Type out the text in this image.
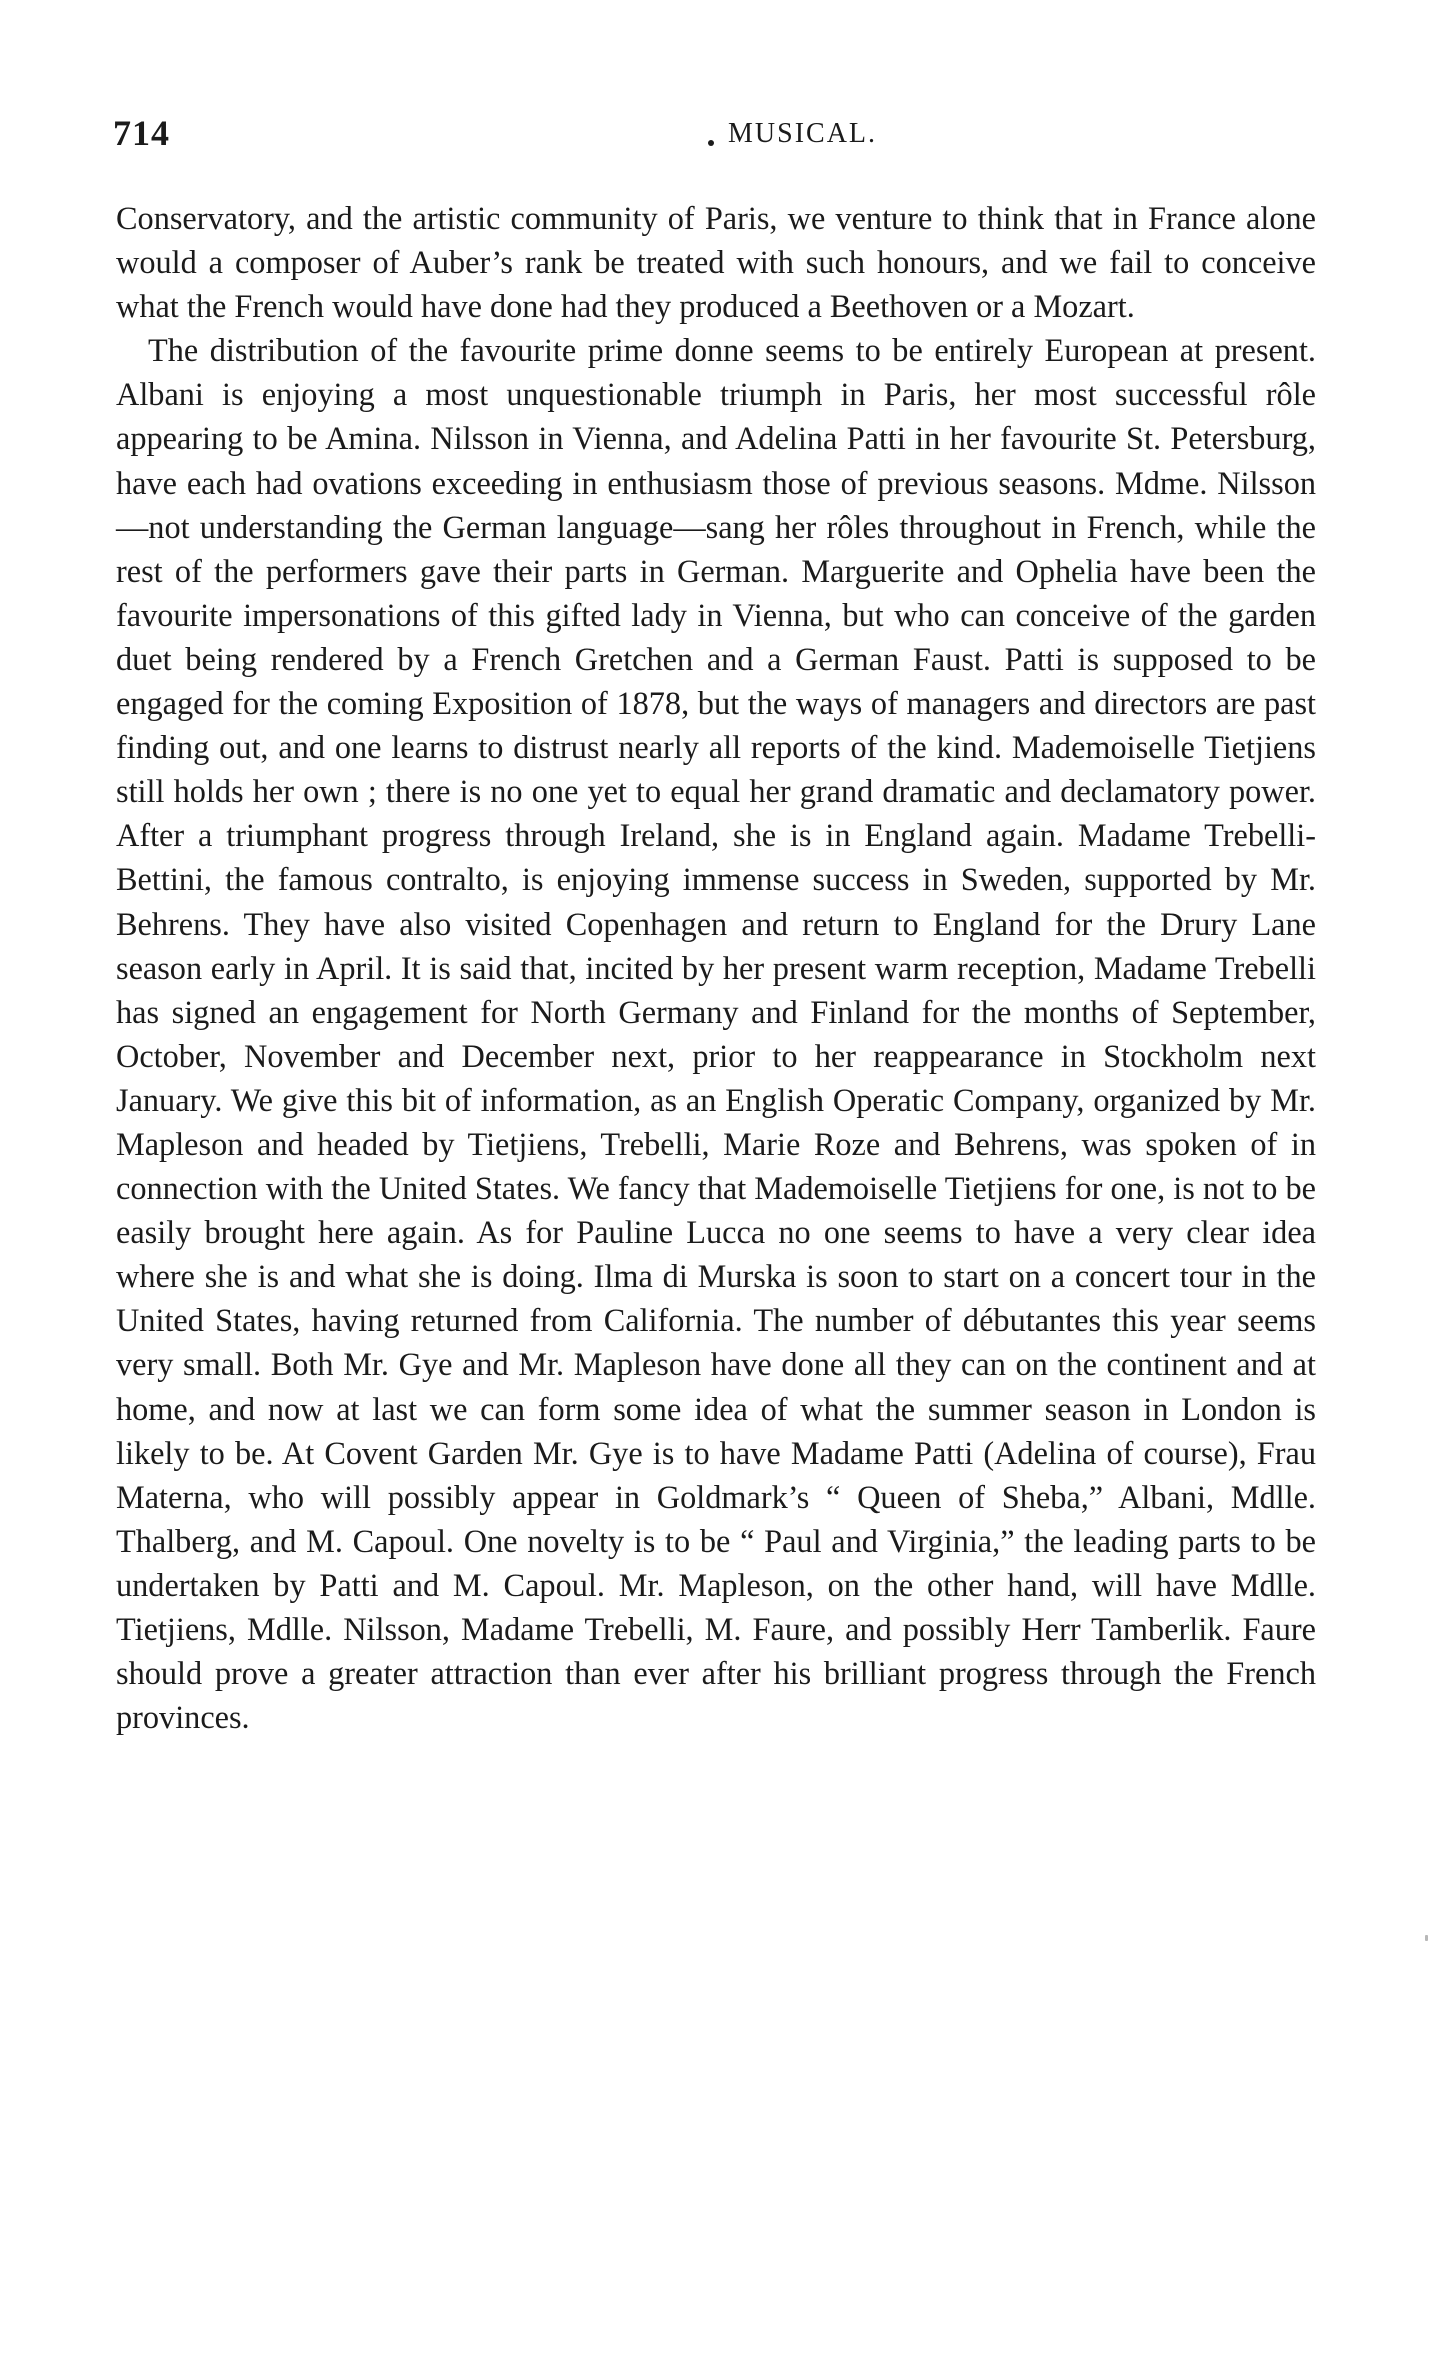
714	MUSICAL.

Conservatory, and the artistic community of Paris, we venture to think that in France alone would a composer of Auber’s rank be treated with such honours, and we fail to conceive what the French would have done had they produced a Beethoven or a Mozart.

The distribution of the favourite prime donne seems to be entirely European at present. Albani is enjoying a most unquestionable triumph in Paris, her most successful rôle appearing to be Amina. Nilsson in Vienna, and Adelina Patti in her favourite St. Petersburg, have each had ovations exceeding in enthusiasm those of previous seasons. Mdme. Nilsson—not understanding the German language—sang her rôles throughout in French, while the rest of the performers gave their parts in German. Marguerite and Ophelia have been the favourite impersonations of this gifted lady in Vienna, but who can conceive of the garden duet being rendered by a French Gretchen and a German Faust. Patti is supposed to be engaged for the coming Exposition of 1878, but the ways of managers and directors are past finding out, and one learns to distrust nearly all reports of the kind. Mademoiselle Tietjiens still holds her own ; there is no one yet to equal her grand dramatic and declamatory power. After a triumphant progress through Ireland, she is in England again. Madame Trebelli-Bettini, the famous contralto, is enjoying immense success in Sweden, supported by Mr. Behrens. They have also visited Copenhagen and return to England for the Drury Lane season early in April. It is said that, incited by her present warm reception, Madame Trebelli has signed an engagement for North Germany and Finland for the months of September, October, November and December next, prior to her reappearance in Stockholm next January. We give this bit of information, as an English Operatic Company, organized by Mr. Mapleson and headed by Tietjiens, Trebelli, Marie Roze and Behrens, was spoken of in connection with the United States. We fancy that Mademoiselle Tietjiens for one, is not to be easily brought here again. As for Pauline Lucca no one seems to have a very clear idea where she is and what she is doing. Ilma di Murska is soon to start on a concert tour in the United States, having returned from California. The number of débutantes this year seems very small. Both Mr. Gye and Mr. Mapleson have done all they can on the continent and at home, and now at last we can form some idea of what the summer season in London is likely to be. At Covent Garden Mr. Gye is to have Madame Patti (Adelina of course), Frau Materna, who will possibly appear in Goldmark’s “ Queen of Sheba,” Albani, Mdlle. Thalberg, and M. Capoul. One novelty is to be “ Paul and Virginia,” the leading parts to be undertaken by Patti and M. Capoul. Mr. Mapleson, on the other hand, will have Mdlle. Tietjiens, Mdlle. Nilsson, Madame Trebelli, M. Faure, and possibly Herr Tamberlik. Faure should prove a greater attraction than ever after his brilliant progress through the French provinces.
